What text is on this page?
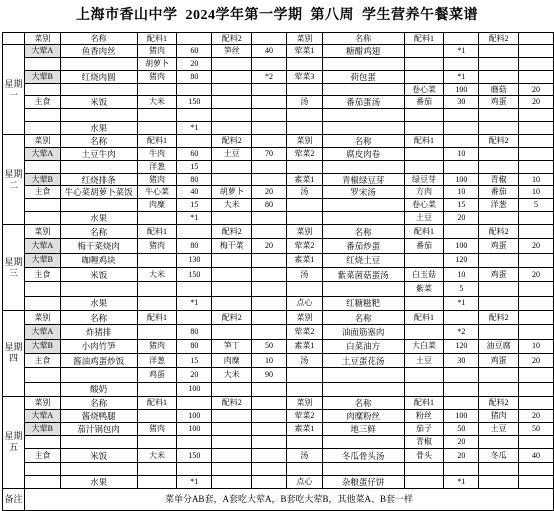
上海市香山中学  2024学年第一学期  第八周  学生营养午餐菜谱
	菜别	名称	配料1		配料2		菜别	名称	配料1		配料2	
星期一	大荤A	鱼香肉丝	猪肉	60	笋丝	40	荤菜1	糖醋鸡翅		*1		
			胡萝卜	20								
	大荤B	红烧肉圆	猪肉	80		*2	荤菜3	荷包蛋		*1		
									卷心菜	100	蘑菇	20
	主食	米饭	大米	150			汤	番茄蛋汤	番茄	30	鸡蛋	20

		水果		*1								
星期二	菜别	名称	配料1		配料2		菜别	名称	配料1		配料2	
	大荤A	土豆牛肉	牛肉	60	土豆	70	荤菜2	腐皮肉卷		10		
			洋葱	15								
	大荤B	红烧排条	猪肉	80			素菜1	青椒绿豆芽	绿豆芽	100	青椒	10
	主食	牛心菜胡萝卜菜饭	牛心菜	40	胡萝卜	20	汤	罗宋汤	方肉	10	番茄	10
			肉糜	15	大米	80			卷心菜	15	洋葱	5
		水果		*1					土豆	20		
星期三	菜别	名称	配料1		配料2		菜别	名称	配料1		配料2	
	大荤A	梅干菜烧肉	猪肉	80	梅干菜	20	荤菜2	番茄炒蛋	番茄	100	鸡蛋	20
	大荤B	咖喱鸡块		130			素菜1	红烧土豆		120		
	主食	米饭	大米	150			汤	紫菜菌菇蛋汤	白玉菇	10	鸡蛋	20
									紫菜	5		
		水果		*1			点心	红糖糍粑		*1		
星期四	菜别	名称	配料1		配料2		菜别	名称	配料1		配料2	
	大荤A	炸猪排		80			荤菜2	油面筋塞肉		*2		
	大荤B	小肉竹笋	猪肉	80	笋丁	50	素菜1	白菜油方	大白菜	120	油豆腐	10
	主食	酱油鸡蛋炒饭	洋葱	15	肉糜	10	汤	土豆蛋花汤	土豆	30	鸡蛋	20
			鸡蛋	20	大米	90						
		酸奶		100								
星期五	菜别	名称	配料1		配料2		菜别	名称	配料1		配料2	
	大荤A	酱烧鸭腿		100			荤菜2	肉糜粉丝	粉丝	100	猪肉	20
	大荤B	茄汁锅包肉	猪肉	100			素菜1	地三鲜	茄子	50	土豆	50
									青椒	20		
	主食	米饭	大米	150			汤	冬瓜骨头汤	骨头	20	冬瓜	40

		水果		*1			点心	杂粮蛋仔饼		*1		
备注	菜单分AB套，A套吃大荤A，B套吃大荤B，其他菜A、B套一样											
